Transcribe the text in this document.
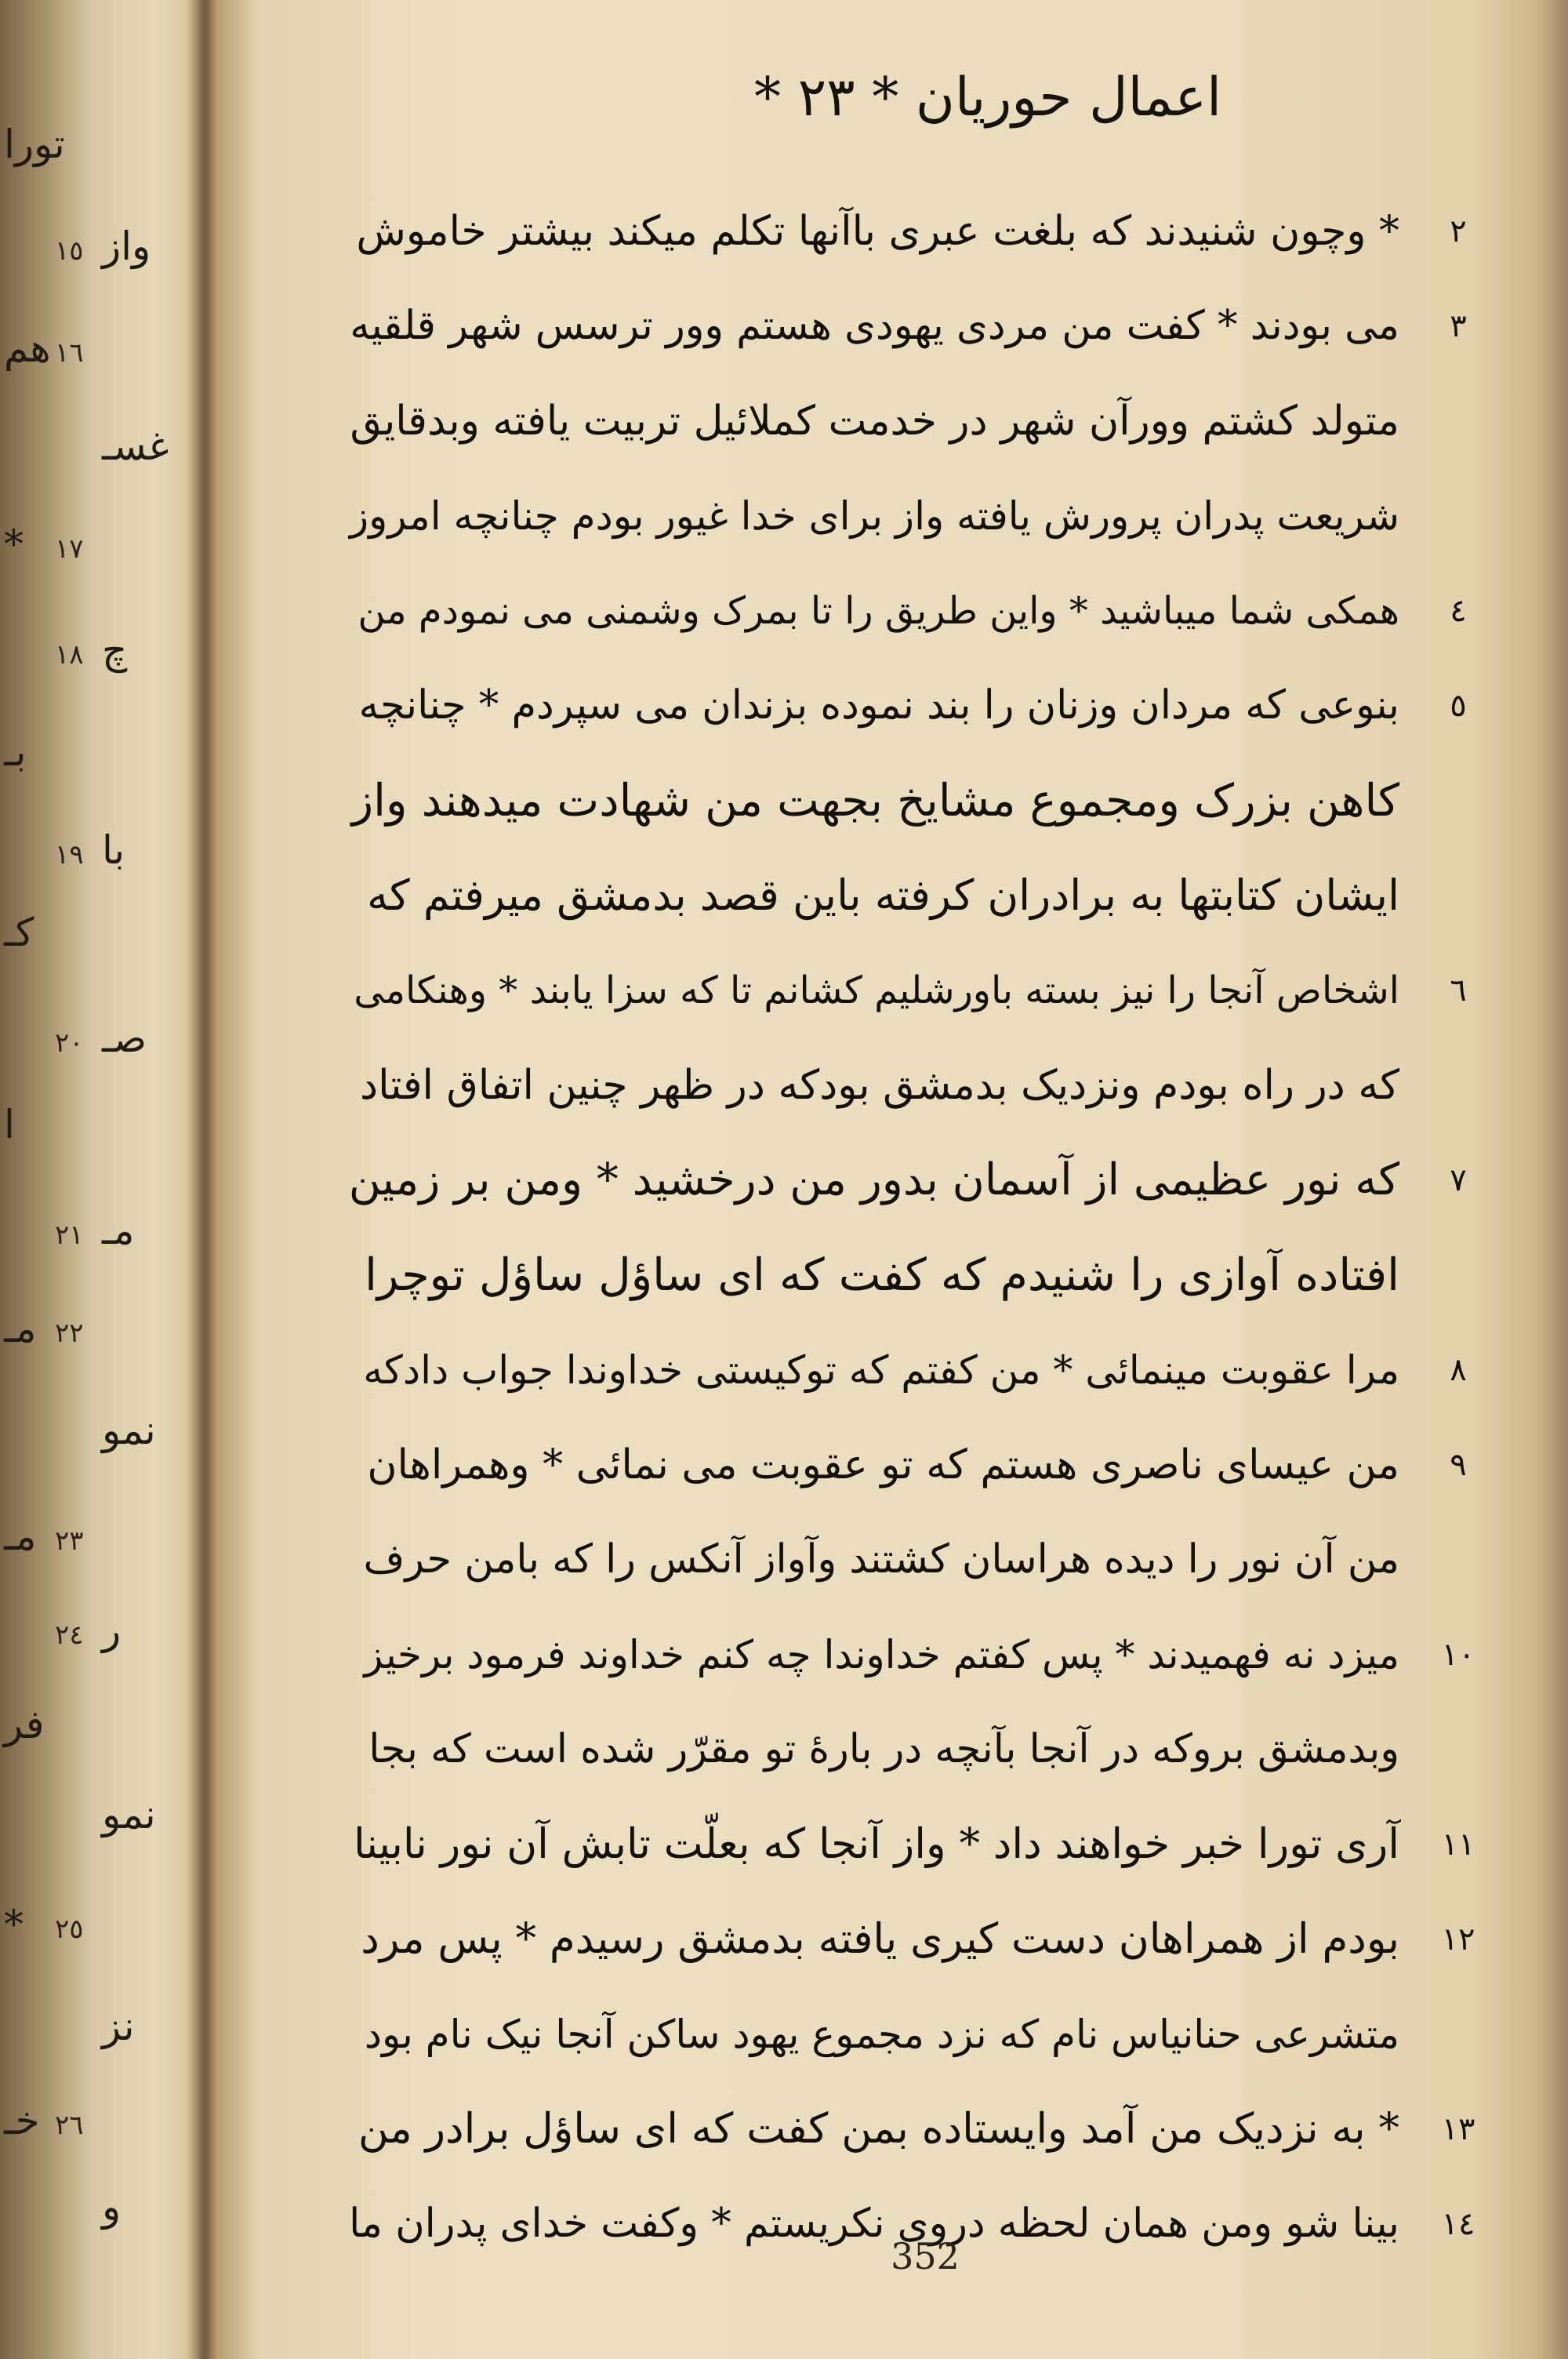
تورا
١٥ واز
١٦
هم
غسـ
١٧
*
١٨ چ
بـ
١٩ با
کـ
٢٠ صـ
ا
٢١ مـ
٢٢
مـ
نمو
٢٣
مـ
٢٤ ر
فر
نمو
٢٥
*
نز
٢٦
خـ
و
اعمال حوریان * ٢٣ *
٢
* وچون شنیدند که بلغت عبری باآنها تکلم میکند بیشتر خاموش
٣
می بودند * کفت من مردی یهودی هستم وور ترسس شهر قلقیه
متولد کشتم وورآن شهر در خدمت کملائیل تربیت یافته وبدقایق
شریعت پدران پرورش یافته واز برای خدا غیور بودم چنانچه امروز
٤
همکی شما میباشید * واین طریق را تا بمرک وشمنی می نمودم من
٥
بنوعی که مردان وزنان را بند نموده بزندان می سپردم * چنانچه
کاهن بزرک ومجموع مشایخ بجهت من شهادت میدهند واز
ایشان کتابتها به برادران کرفته باین قصد بدمشق میرفتم که
٦
اشخاص آنجا را نیز بسته باورشلیم کشانم تا که سزا یابند * وهنکامی
که در راه بودم ونزدیک بدمشق بودکه در ظهر چنین اتفاق افتاد
٧
که نور عظیمی از آسمان بدور من درخشید * ومن بر زمین
افتاده آوازی را شنیدم که کفت که ای ساؤل ساؤل توچرا
٨
مرا عقوبت مینمائی * من کفتم که توکیستی خداوندا جواب دادکه
٩
من عیسای ناصری هستم که تو عقوبت می نمائی * وهمراهان
من آن نور را دیده هراسان کشتند وآواز آنکس را که بامن حرف
١٠
میزد نه فهمیدند * پس کفتم خداوندا چه کنم خداوند فرمود برخیز
وبدمشق بروکه در آنجا بآنچه در بارهٔ تو مقرّر شده است که بجا
١١
آری تورا خبر خواهند داد * واز آنجا که بعلّت تابش آن نور نابینا
١٢
بودم از همراهان دست کیری یافته بدمشق رسیدم * پس مرد
متشرعی حنانیاس نام که نزد مجموع یهود ساکن آنجا نیک نام بود
١٣
* به نزدیک من آمد وایستاده بمن کفت که ای ساؤل برادر من
١٤
بینا شو ومن همان لحظه دروی نکریستم * وکفت خدای پدران ما
352
